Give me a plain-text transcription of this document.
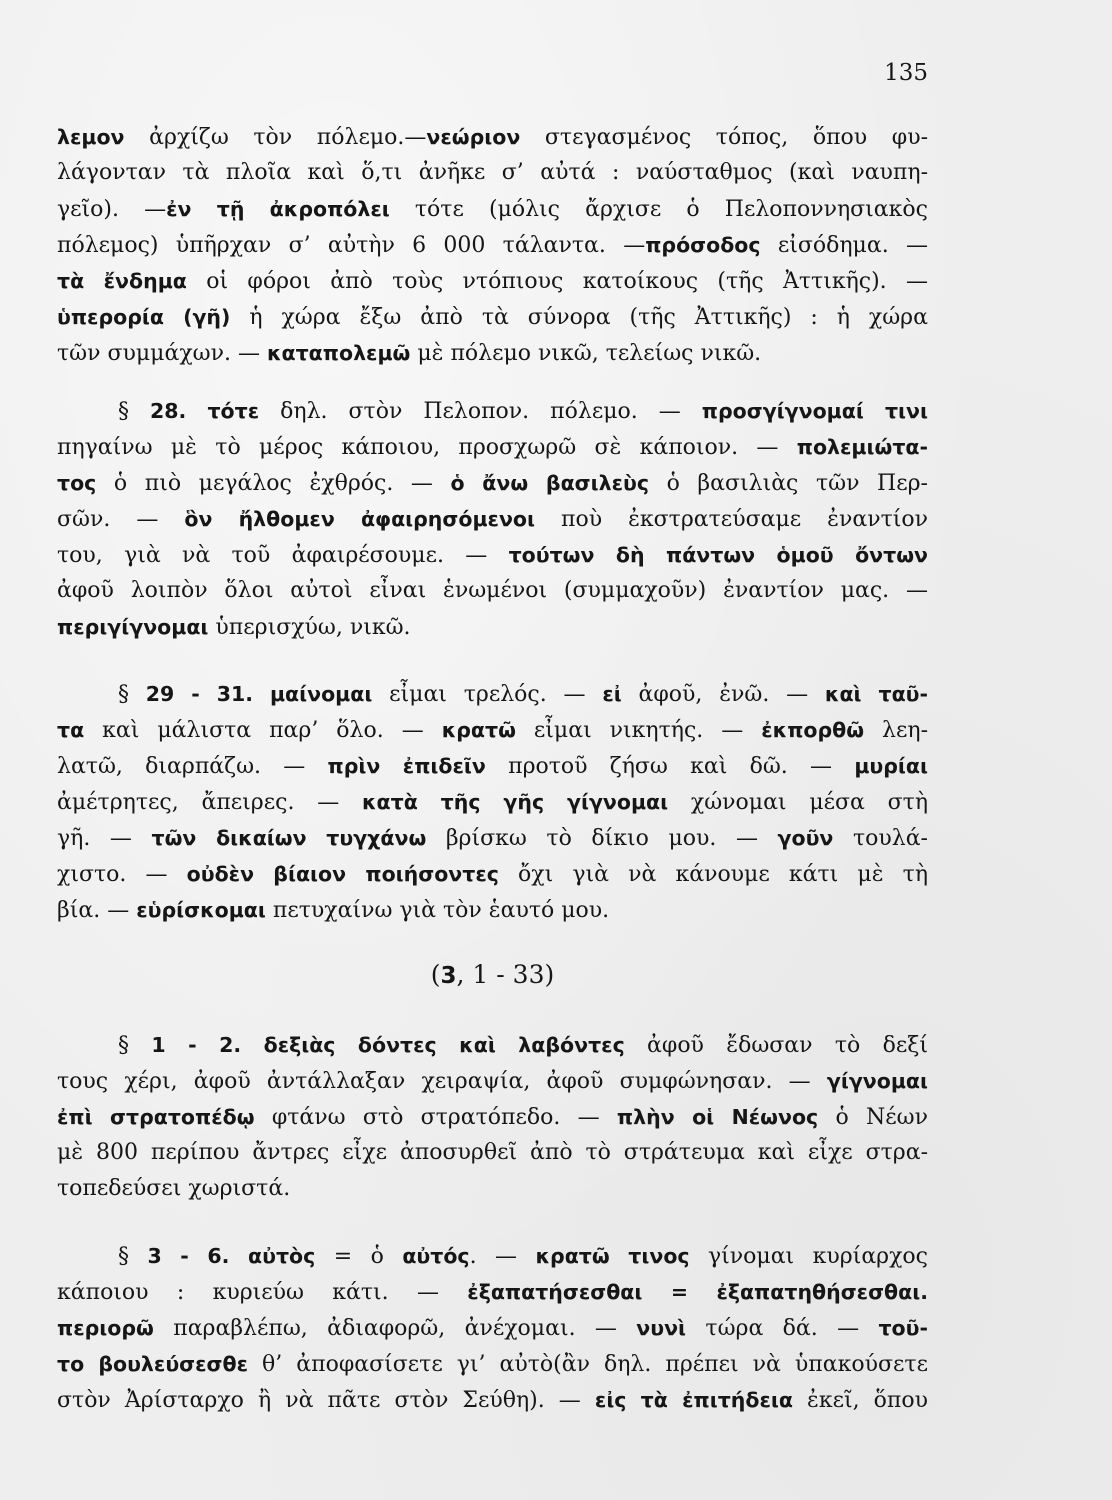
135
λεμον ἀρχίζω τὸν πόλεμο.—νεώριον στεγασμένος τόπος, ὅπου φυ-
λάγονταν τὰ πλοῖα καὶ ὅ,τι ἀνῆκε σ’ αὐτά : ναύσταθμος (καὶ ναυπη-
γεῖο). —ἐν τῇ ἀκροπόλει τότε (μόλις ἄρχισε ὁ Πελοποννησιακὸς
πόλεμος) ὑπῆρχαν σ’ αὐτὴν 6 000 τάλαντα. —πρόσοδος εἰσόδημα. —
τὰ ἔνδημα οἱ φόροι ἀπὸ τοὺς ντόπιους κατοίκους (τῆς Ἀττικῆς). —
ὑπερορία (γῆ) ἡ χώρα ἔξω ἀπὸ τὰ σύνορα (τῆς Ἀττικῆς) : ἡ χώρα
τῶν συμμάχων. — καταπολεμῶ μὲ πόλεμο νικῶ, τελείως νικῶ.
§ 28. τότε δηλ. στὸν Πελοπον. πόλεμο. — προσγίγνομαί τινι
πηγαίνω μὲ τὸ μέρος κάποιου, προσχωρῶ σὲ κάποιον. — πολεμιώτα-
τος ὁ πιὸ μεγάλος ἐχθρός. — ὁ ἄνω βασιλεὺς ὁ βασιλιὰς τῶν Περ-
σῶν. — ὃν ἤλθομεν ἀφαιρησόμενοι ποὺ ἐκστρατεύσαμε ἐναντίον
του, γιὰ νὰ τοῦ ἀφαιρέσουμε. — τούτων δὴ πάντων ὁμοῦ ὄντων
ἀφοῦ λοιπὸν ὅλοι αὐτοὶ εἶναι ἑνωμένοι (συμμαχοῦν) ἐναντίον μας. —
περιγίγνομαι ὑπερισχύω, νικῶ.
§ 29 - 31. μαίνομαι εἶμαι τρελός. — εἰ ἀφοῦ, ἐνῶ. — καὶ ταῦ-
τα καὶ μάλιστα παρ’ ὅλο. — κρατῶ εἶμαι νικητής. — ἐκπορθῶ λεη-
λατῶ, διαρπάζω. — πρὶν ἐπιδεῖν προτοῦ ζήσω καὶ δῶ. — μυρίαι
ἀμέτρητες, ἄπειρες. — κατὰ τῆς γῆς γίγνομαι χώνομαι μέσα στὴ
γῆ. — τῶν δικαίων τυγχάνω βρίσκω τὸ δίκιο μου. — γοῦν τουλά-
χιστο. — οὐδὲν βίαιον ποιήσοντες ὄχι γιὰ νὰ κάνουμε κάτι μὲ τὴ
βία. — εὑρίσκομαι πετυχαίνω γιὰ τὸν ἑαυτό μου.
(3, 1 - 33)
§ 1 - 2. δεξιὰς δόντες καὶ λαβόντες ἀφοῦ ἔδωσαν τὸ δεξί
τους χέρι, ἀφοῦ ἀντάλλαξαν χειραψία, ἀφοῦ συμφώνησαν. — γίγνομαι
ἐπὶ στρατοπέδῳ φτάνω στὸ στρατόπεδο. — πλὴν οἱ Νέωνος ὁ Νέων
μὲ 800 περίπου ἄντρες εἶχε ἀποσυρθεῖ ἀπὸ τὸ στράτευμα καὶ εἶχε στρα-
τοπεδεύσει χωριστά.
§ 3 - 6. αὐτὸς = ὁ αὐτός. — κρατῶ τινος γίνομαι κυρίαρχος
κάποιου : κυριεύω κάτι. — ἐξαπατήσεσθαι = ἐξαπατηθήσεσθαι.
περιορῶ παραβλέπω, ἀδιαφορῶ, ἀνέχομαι. — νυνὶ τώρα δά. — τοῦ-
το βουλεύσεσθε θ’ ἀποφασίσετε γι’ αὐτὸ(ἂν δηλ. πρέπει νὰ ὑπακούσετε
στὸν Ἀρίσταρχο ἢ νὰ πᾶτε στὸν Σεύθη). — εἰς τὰ ἐπιτήδεια ἐκεῖ, ὅπου
